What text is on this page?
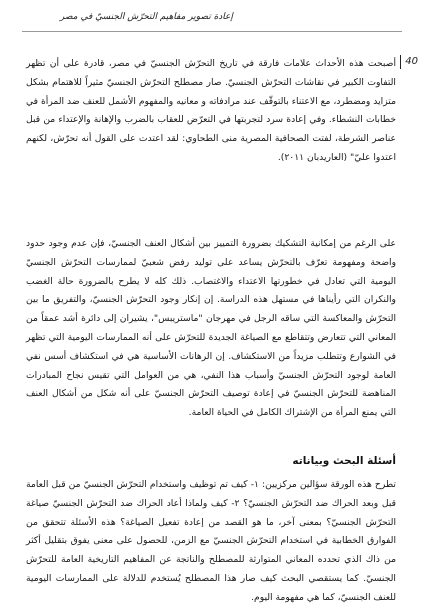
إعادة تصوير مفاهيم التحرّش الجنسيّ في مصر
40

أصبحت هذه الأحداث علامات فارقة في تاريخ التحرّش الجنسيّ في مصر، قادرة على أن تظهر التفاوت الكبير في نقاشات التحرّش الجنسيّ. صار مصطلح التحرّش الجنسيّ مثيراً للاهتمام بشكل متزايد ومضطرد، مع الاعتناء بالتوقّف عند مرادفاته و معانيه والمفهوم الأشمل للعنف ضد المرأة في خطابات النشطاء. وفي إعادة سرد لتجربتها في التعرّض للعقاب بالضرب والإهانة والإعتداء من قبل عناصر الشرطة، لفتت الصحافية المصرية منى الطحاوي: لقد اعتدت على القول أنه تحرّش، لكنهم اعتدوا عليّ" (العاريدبان ٢٠١١).

على الرغم من إمكانية التشكيك بضرورة التمييز بين أشكال العنف الجنسيّ، فإن عدم وجود حدود واضحة ومفهومة تعرّف بالتحرّش يساعد على توليد رفض شعبيّ لممارسات التحرّش الجنسيّ اليومية التي تعادل في خطورتها الاعتداء والاغتصاب. ذلك كله لا يطرح بالضرورة حالة الغضب والنكران التي رأيناها في مستهل هذه الدراسة. إن إنكار وجود التحرّش الجنسيّ، والتفريق ما بين التحرّش والمعاكسة التي ساقه الرجل في مهرجان "ماستريبس"، يشيران إلى دائرة أشد عمقاً من المعاني التي تتعارض وتتقاطع مع الصياغة الجديدة للتحرّش على أنه الممارسات اليومية التي تظهر في الشوارع وتتطلب مزيداً من الاستكشاف. إن الرهانات الأساسية هي في استكشاف أسس نفي العامة لوجود التحرّش الجنسيّ وأسباب هذا النفي، هي من العوامل التي تقيس نجاح المبادرات المناهضة للتحرّش الجنسيّ في إعادة توصيف التحرّش الجنسيّ على أنه شكل من أشكال العنف التي يمنع المرأة من الإشتراك الكامل في الحياة العامة.

أسئلة البحث وبياناته

تطرح هذه الورقة سؤالين مركزيين: ١- كيف تم توظيف واستخدام التحرّش الجنسيّ من قبل العامة قبل وبعد الحراك ضد التحرّش الجنسيّ؟ ٢- كيف ولماذا أعاد الحراك ضد التحرّش الجنسيّ صياغة التحرّش الجنسيّ؟ بمعنى آخر، ما هو القصد من إعادة تفعيل الصياغة؟ هذه الأسئلة تتحقق من الفوارق الخطابية في استخدام التحرّش الجنسيّ مع الزمن، للحصول على معنى يفوق بتقليل أكثر من ذاك الذي تحدده المعاني المتوارثة للمصطلح والناتجة عن المفاهيم التاريخية العامة للتحرّش الجنسيّ. كما يستقصي البحث كيف صار هذا المصطلح يُستخدم للدلالة على الممارسات اليومية للعنف الجنسيّ، كما هي مفهومة اليوم.
